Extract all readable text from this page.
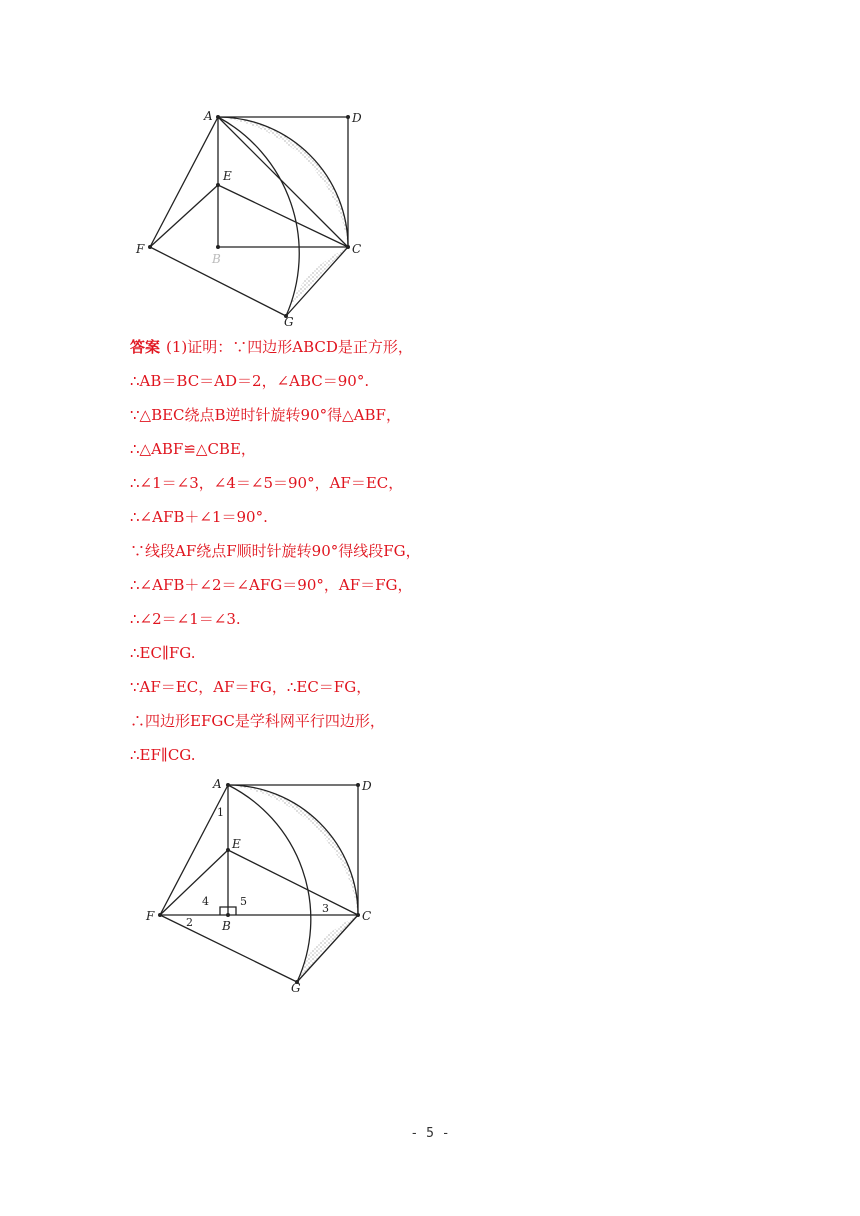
A	D
E
F
B
C
G
答案 (1)证明：∵四边形ABCD是正方形，
∴AB＝BC＝AD＝2，∠ABC＝90°.
∵△BEC绕点B逆时针旋转90°得△ABF，
∴△ABF≌△CBE，
∴∠1＝∠3，∠4＝∠5＝90°，AF＝EC，
∴∠AFB＋∠1＝90°.
∵线段AF绕点F顺时针旋转90°得线段FG，
∴∠AFB＋∠2＝∠AFG＝90°，AF＝FG，
∴∠2＝∠1＝∠3.
∴EC∥FG.
∵AF＝EC，AF＝FG，∴EC＝FG，
∴四边形EFGC是学科网平行四边形，
∴EF∥CG.
A	D
E
F
B
C
G
1
2
3
4	5
- 5 -
